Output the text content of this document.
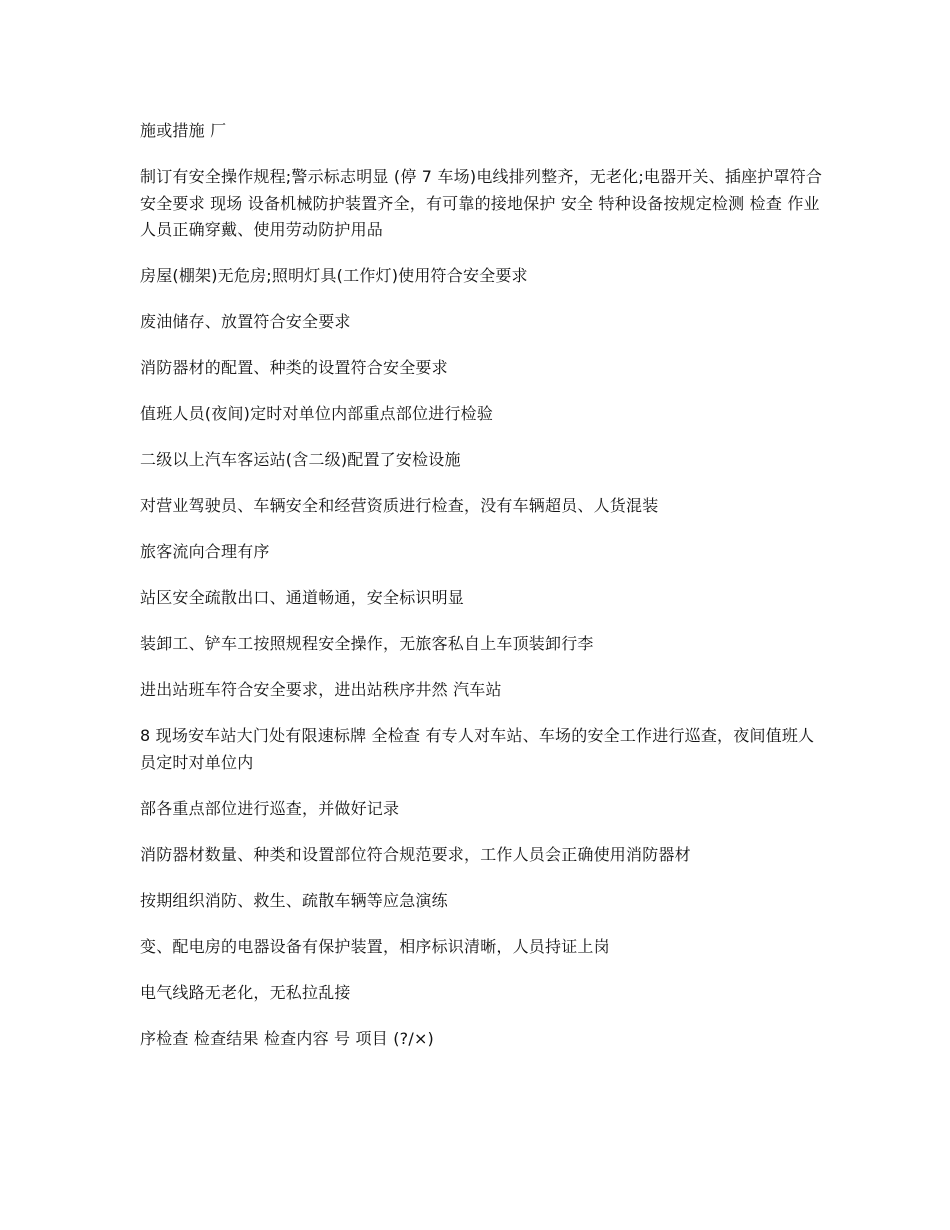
施或措施 厂

制订有安全操作规程;警示标志明显 (停 7 车场)电线排列整齐，无老化;电器开关、插座护罩符合安全要求 现场 设备机械防护装置齐全，有可靠的接地保护 安全 特种设备按规定检测 检查 作业人员正确穿戴、使用劳动防护用品

房屋(棚架)无危房;照明灯具(工作灯)使用符合安全要求

废油储存、放置符合安全要求

消防器材的配置、种类的设置符合安全要求

值班人员(夜间)定时对单位内部重点部位进行检验

二级以上汽车客运站(含二级)配置了安检设施

对营业驾驶员、车辆安全和经营资质进行检查，没有车辆超员、人货混装

旅客流向合理有序

站区安全疏散出口、通道畅通，安全标识明显

装卸工、铲车工按照规程安全操作，无旅客私自上车顶装卸行李

进出站班车符合安全要求，进出站秩序井然 汽车站

8 现场安车站大门处有限速标牌 全检查 有专人对车站、车场的安全工作进行巡查，夜间值班人员定时对单位内

部各重点部位进行巡查，并做好记录

消防器材数量、种类和设置部位符合规范要求，工作人员会正确使用消防器材

按期组织消防、救生、疏散车辆等应急演练

变、配电房的电器设备有保护装置，相序标识清晰，人员持证上岗

电气线路无老化，无私拉乱接

序检查 检查结果 检查内容 号 项目 (?/×)
